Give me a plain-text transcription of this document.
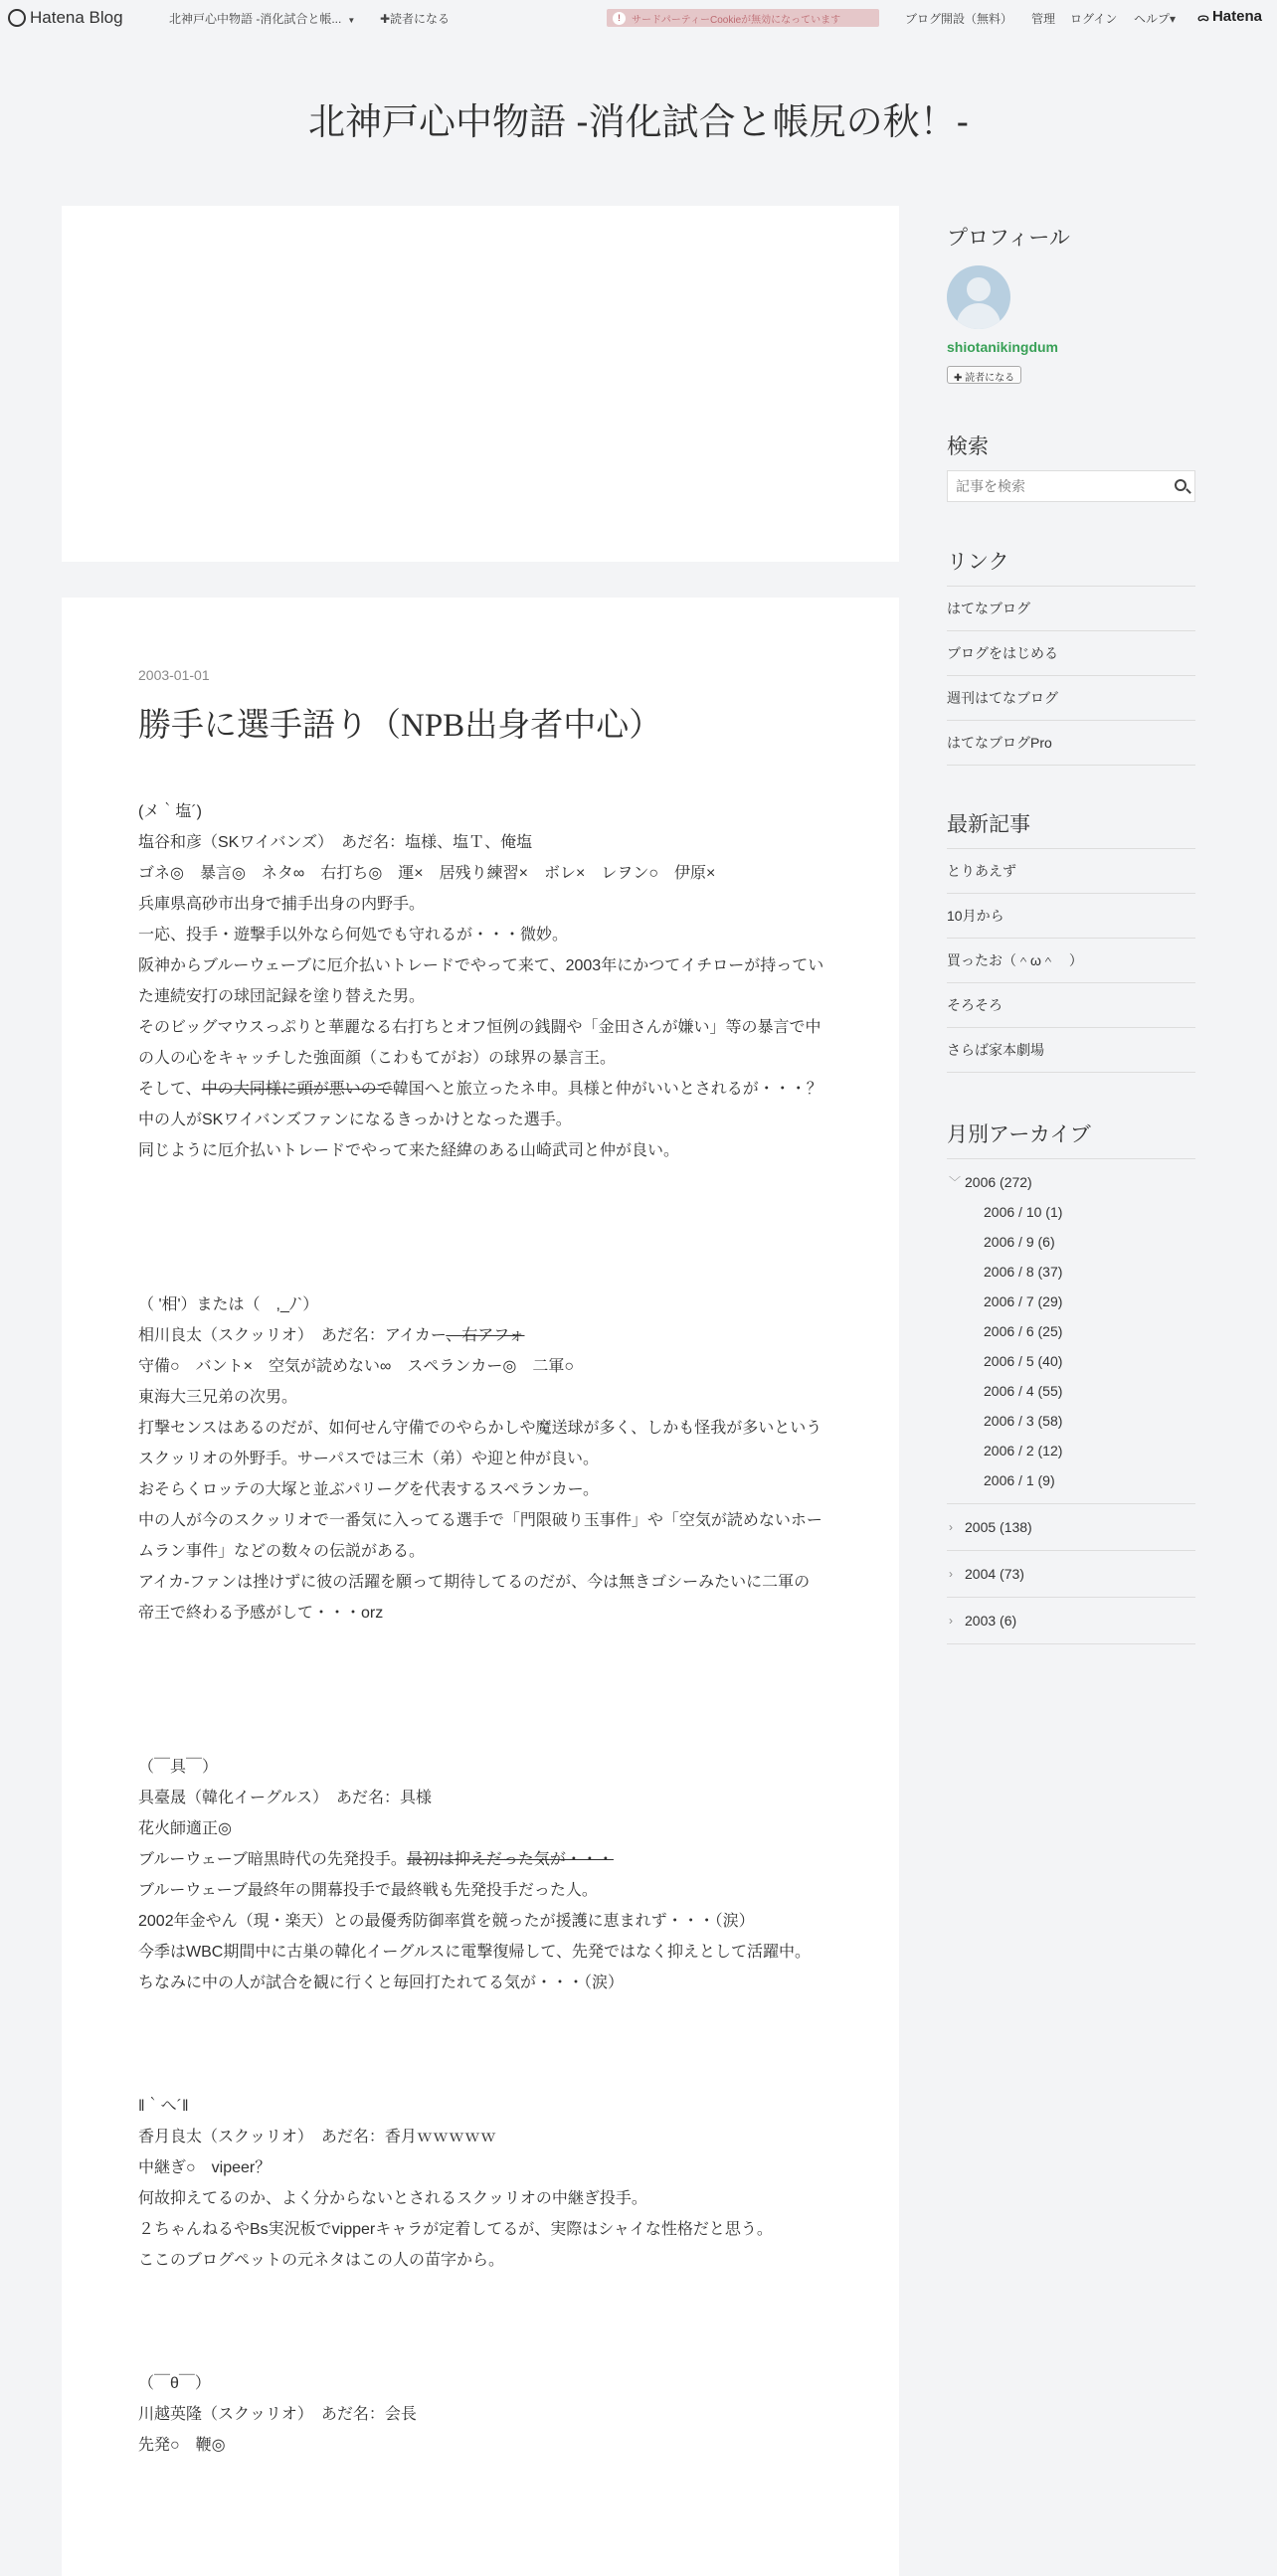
Hatena Blog	北神戸心中物語 -消化試合と帳... ▼ ✚読者になる	!	サードパーティーCookieが無効になっています	ブログ開設（無料） 管理 ログイン ヘルプ▾ ᯅ Hatena
北神戸心中物語 -消化試合と帳尻の秋！-
2003-01-01
勝手に選手語り（NPB出身者中心）
(メ｀塩´)
塩谷和彦（SKワイバンズ）　あだ名：塩様、塩Ｔ、俺塩
ゴネ◎　暴言◎　ネタ∞　右打ち◎　運×　居残り練習×　ボレ×　レヲン○　伊原×
兵庫県高砂市出身で捕手出身の内野手。
一応、投手・遊撃手以外なら何処でも守れるが・・・微妙。
阪神からブルーウェーブに厄介払いトレードでやって来て、2003年にかつてイチローが持っていた連続安打の球団記録を塗り替えた男。
そのビッグマウスっぷりと華麗なる右打ちとオフ恒例の銭闘や「金田さんが嫌い」等の暴言で中の人の心をキャッチした強面顔（こわもてがお）の球界の暴言王。
そして、中の大同様に頭が悪いので韓国へと旅立ったネ申。具様と仲がいいとされるが・・・？
中の人がSKワイバンズファンになるきっかけとなった選手。
同じように厄介払いトレードでやって来た経緯のある山崎武司と仲が良い。
（ '相'）または（　,_ﾉ`）
相川良太（スクッリオ）　あだ名：アイカー、右アフォ
守備○　バント×　空気が読めない∞　スペランカー◎　二軍○
東海大三兄弟の次男。
打撃センスはあるのだが、如何せん守備でのやらかしや魔送球が多く、しかも怪我が多いというスクッリオの外野手。サーパスでは三木（弟）や迎と仲が良い。
おそらくロッテの大塚と並ぶパリーグを代表するスペランカー。
中の人が今のスクッリオで一番気に入ってる選手で「門限破り玉事件」や「空気が読めないホームラン事件」などの数々の伝説がある。
アイカ-ファンは挫けずに彼の活躍を願って期待してるのだが、今は無きゴシーみたいに二軍の帝王で終わる予感がして・・・orz
（￣具￣）
具臺晟（韓化イーグルス）　あだ名：具様
花火師適正◎
ブルーウェーブ暗黒時代の先発投手。最初は抑えだった気が・・・
ブルーウェーブ最終年の開幕投手で最終戦も先発投手だった人。
2002年金やん（現・楽天）との最優秀防御率賞を競ったが援護に恵まれず・・・（涙）
今季はWBC期間中に古巣の韓化イーグルスに電撃復帰して、先発ではなく抑えとして活躍中。
ちなみに中の人が試合を観に行くと毎回打たれてる気が・・・（涙）
‖｀へ´‖
香月良太（スクッリオ）　あだ名：香月ｗｗｗｗｗ
中継ぎ○　vipeer？
何故抑えてるのか、よく分からないとされるスクッリオの中継ぎ投手。
２ちゃんねるやBs実況板でvipperキャラが定着してるが、実際はシャイな性格だと思う。
ここのブログペットの元ネタはこの人の苗字から。
（￣θ￣）
川越英隆（スクッリオ）　あだ名：会長
先発○　鞭◎
プロフィール
shiotanikingdum
✚ 読者になる
検索
記事を検索
リンク
はてなブログ
ブログをはじめる
週刊はてなブログ
はてなブログPro
最新記事
とりあえず
10月から
買ったお（＾ω＾　）
そろそろ
さらば家本劇場
月別アーカイブ
﹀ 2006 (272)
2006 / 10 (1)
2006 / 9 (6)
2006 / 8 (37)
2006 / 7 (29)
2006 / 6 (25)
2006 / 5 (40)
2006 / 4 (55)
2006 / 3 (58)
2006 / 2 (12)
2006 / 1 (9)
› 2005 (138)
› 2004 (73)
› 2003 (6)
